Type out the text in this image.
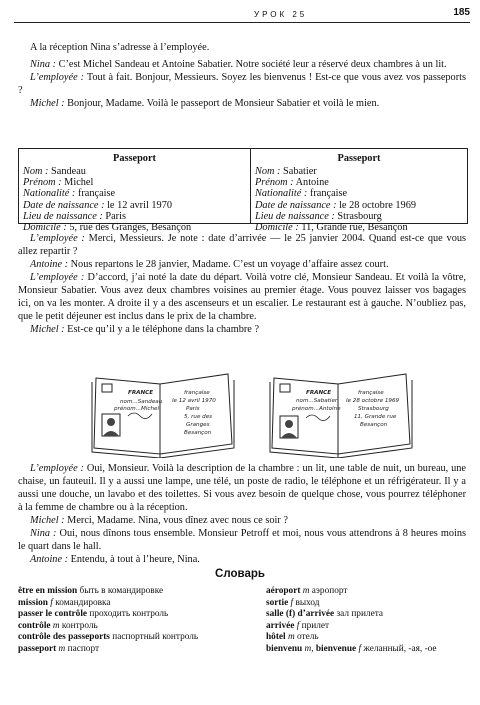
УРОК 25	185

A la réception Nina s’adresse à l’employée.

Nina : C’est Michel Sandeau et Antoine Sabatier. Notre société leur a réservé deux chambres à un lit.

L’employée : Tout à fait. Bonjour, Messieurs. Soyez les bienvenus ! Est-ce que vous avez vos passeports ?

Michel : Bonjour, Madame. Voilà le passeport de Monsieur Sabatier et voilà le mien.

Passeport
Nom : Sandeau
Prénom : Michel
Nationalité : française
Date de naissance : le 12 avril 1970
Lieu de naissance : Paris
Domicile : 5, rue des Granges, Besançon
Passeport
Nom : Sabatier
Prénom : Antoine
Nationalité : française
Date de naissance : le 28 octobre 1969
Lieu de naissance : Strasbourg
Domicile : 11, Grande rue, Besançon

L’employée : Merci, Messieurs. Je note : date d’arrivée — le 25 janvier 2004. Quand est-ce que vous allez repartir ?

Antoine : Nous repartons le 28 janvier, Madame. C’est un voyage d’affaire assez court.

L’employée : D’accord, j’ai noté la date du départ. Voilà votre clé, Monsieur Sandeau. Et voilà la vôtre, Monsieur Sabatier. Vous avez deux chambres voisines au premier étage. Vous pouvez laisser vos bagages ici, on va les monter. A droite il y a des ascenseurs et un escalier. Le restaurant est à gauche. N’oubliez pas, que le petit déjeuner est inclus dans le prix de la chambre.

Michel : Est-ce qu’il y a le téléphone dans la chambre ?

FRANCE
nom...Sandeau
prénom...Michel
française
le 12 avril 1970
Paris
5, rue des
Granges
Besançon
FRANCE
nom...Sabatier
prénom...Antoine
française
le 28 octobre 1969
Strasbourg
11, Grande rue
Besançon

L’employée : Oui, Monsieur. Voilà la description de la chambre : un lit, une table de nuit, un bureau, une chaise, un fauteuil. Il y a aussi une lampe, une télé, un poste de radio, le téléphone et un réfrigérateur. Il y a aussi une douche, un lavabo et des toilettes. Si vous avez besoin de quelque chose, vous pourrez téléphoner à la femme de chambre ou à la réception.

Michel : Merci, Madame. Nina, vous dînez avec nous ce soir ?

Nina : Oui, nous dînons tous ensemble. Monsieur Petroff et moi, nous vous attendrons à 8 heures moins le quart dans le hall.

Antoine : Entendu, à tout à l’heure, Nina.

Словарь
être en mission быть в командировке
mission f командировка
passer le contrôle проходить контроль
contrôle m контроль
contrôle des passeports паспортный контроль
passeport m паспорт
aéroport m аэропорт
sortie f выход
salle (f) d’arrivée зал прилета
arrivée f прилет
hôtel m отель
bienvenu m, bienvenue f желанный, -ая, -ое
